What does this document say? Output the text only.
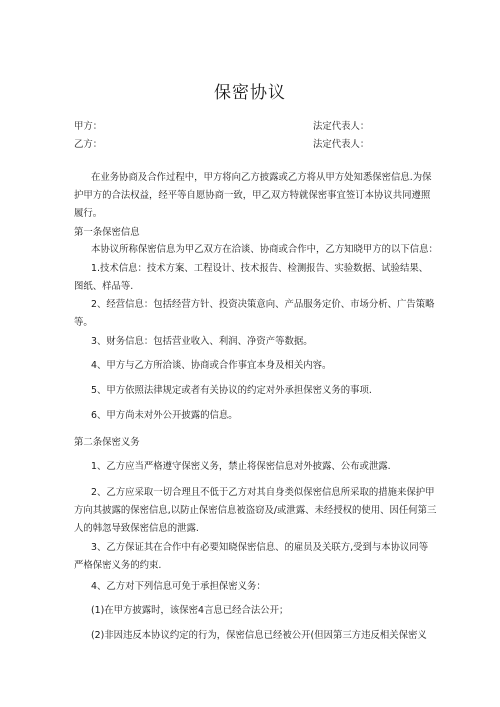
保密协议
甲方：	法定代表人：
乙方：	法定代表人：
在业务协商及合作过程中，甲方将向乙方披露或乙方将从甲方处知悉保密信息.为保
护甲方的合法权益，经平等自愿协商一致，甲乙双方特就保密事宜签订本协议共同遵照
履行。
第一条保密信息
本协议所称保密信息为甲乙双方在洽谈、协商或合作中，乙方知晓甲方的以下信息：
1.技术信息：技术方案、工程设计、技术报告、检测报告、实验数据、试验结果、
图纸、样品等.
2、经营信息：包括经营方针、投资决策意向、产品服务定价、市场分析、广告策略
等。
3、财务信息：包括营业收入、利润、净资产等数据。
4、甲方与乙方所洽谈、协商或合作事宜本身及相关内容。
5、甲方依照法律规定或者有关协议的约定对外承担保密义务的事项.
6、甲方尚未对外公开披露的信息。
第二条保密义务
1、乙方应当严格遵守保密义务，禁止将保密信息对外披露、公布或泄露.
2、乙方应采取一切合理且不低于乙方对其自身类似保密信息所采取的措施来保护甲
方向其披露的保密信息,以防止保密信息被盗窃及/或泄露、未经授权的使用、因任何第三
人的韩忽导致保密信息的泄露.
3、乙方保证其在合作中有必要知晓保密信息、的雇员及关联方,受到与本协议同等
严格保密义务的约束.
4、乙方对下列信息可免于承担保密义务：
(1)在甲方披露时，该保密4言息已经合法公开；
(2)非因违反本协议约定的行为，保密信息已经被公开(但因第三方违反相关保密义
